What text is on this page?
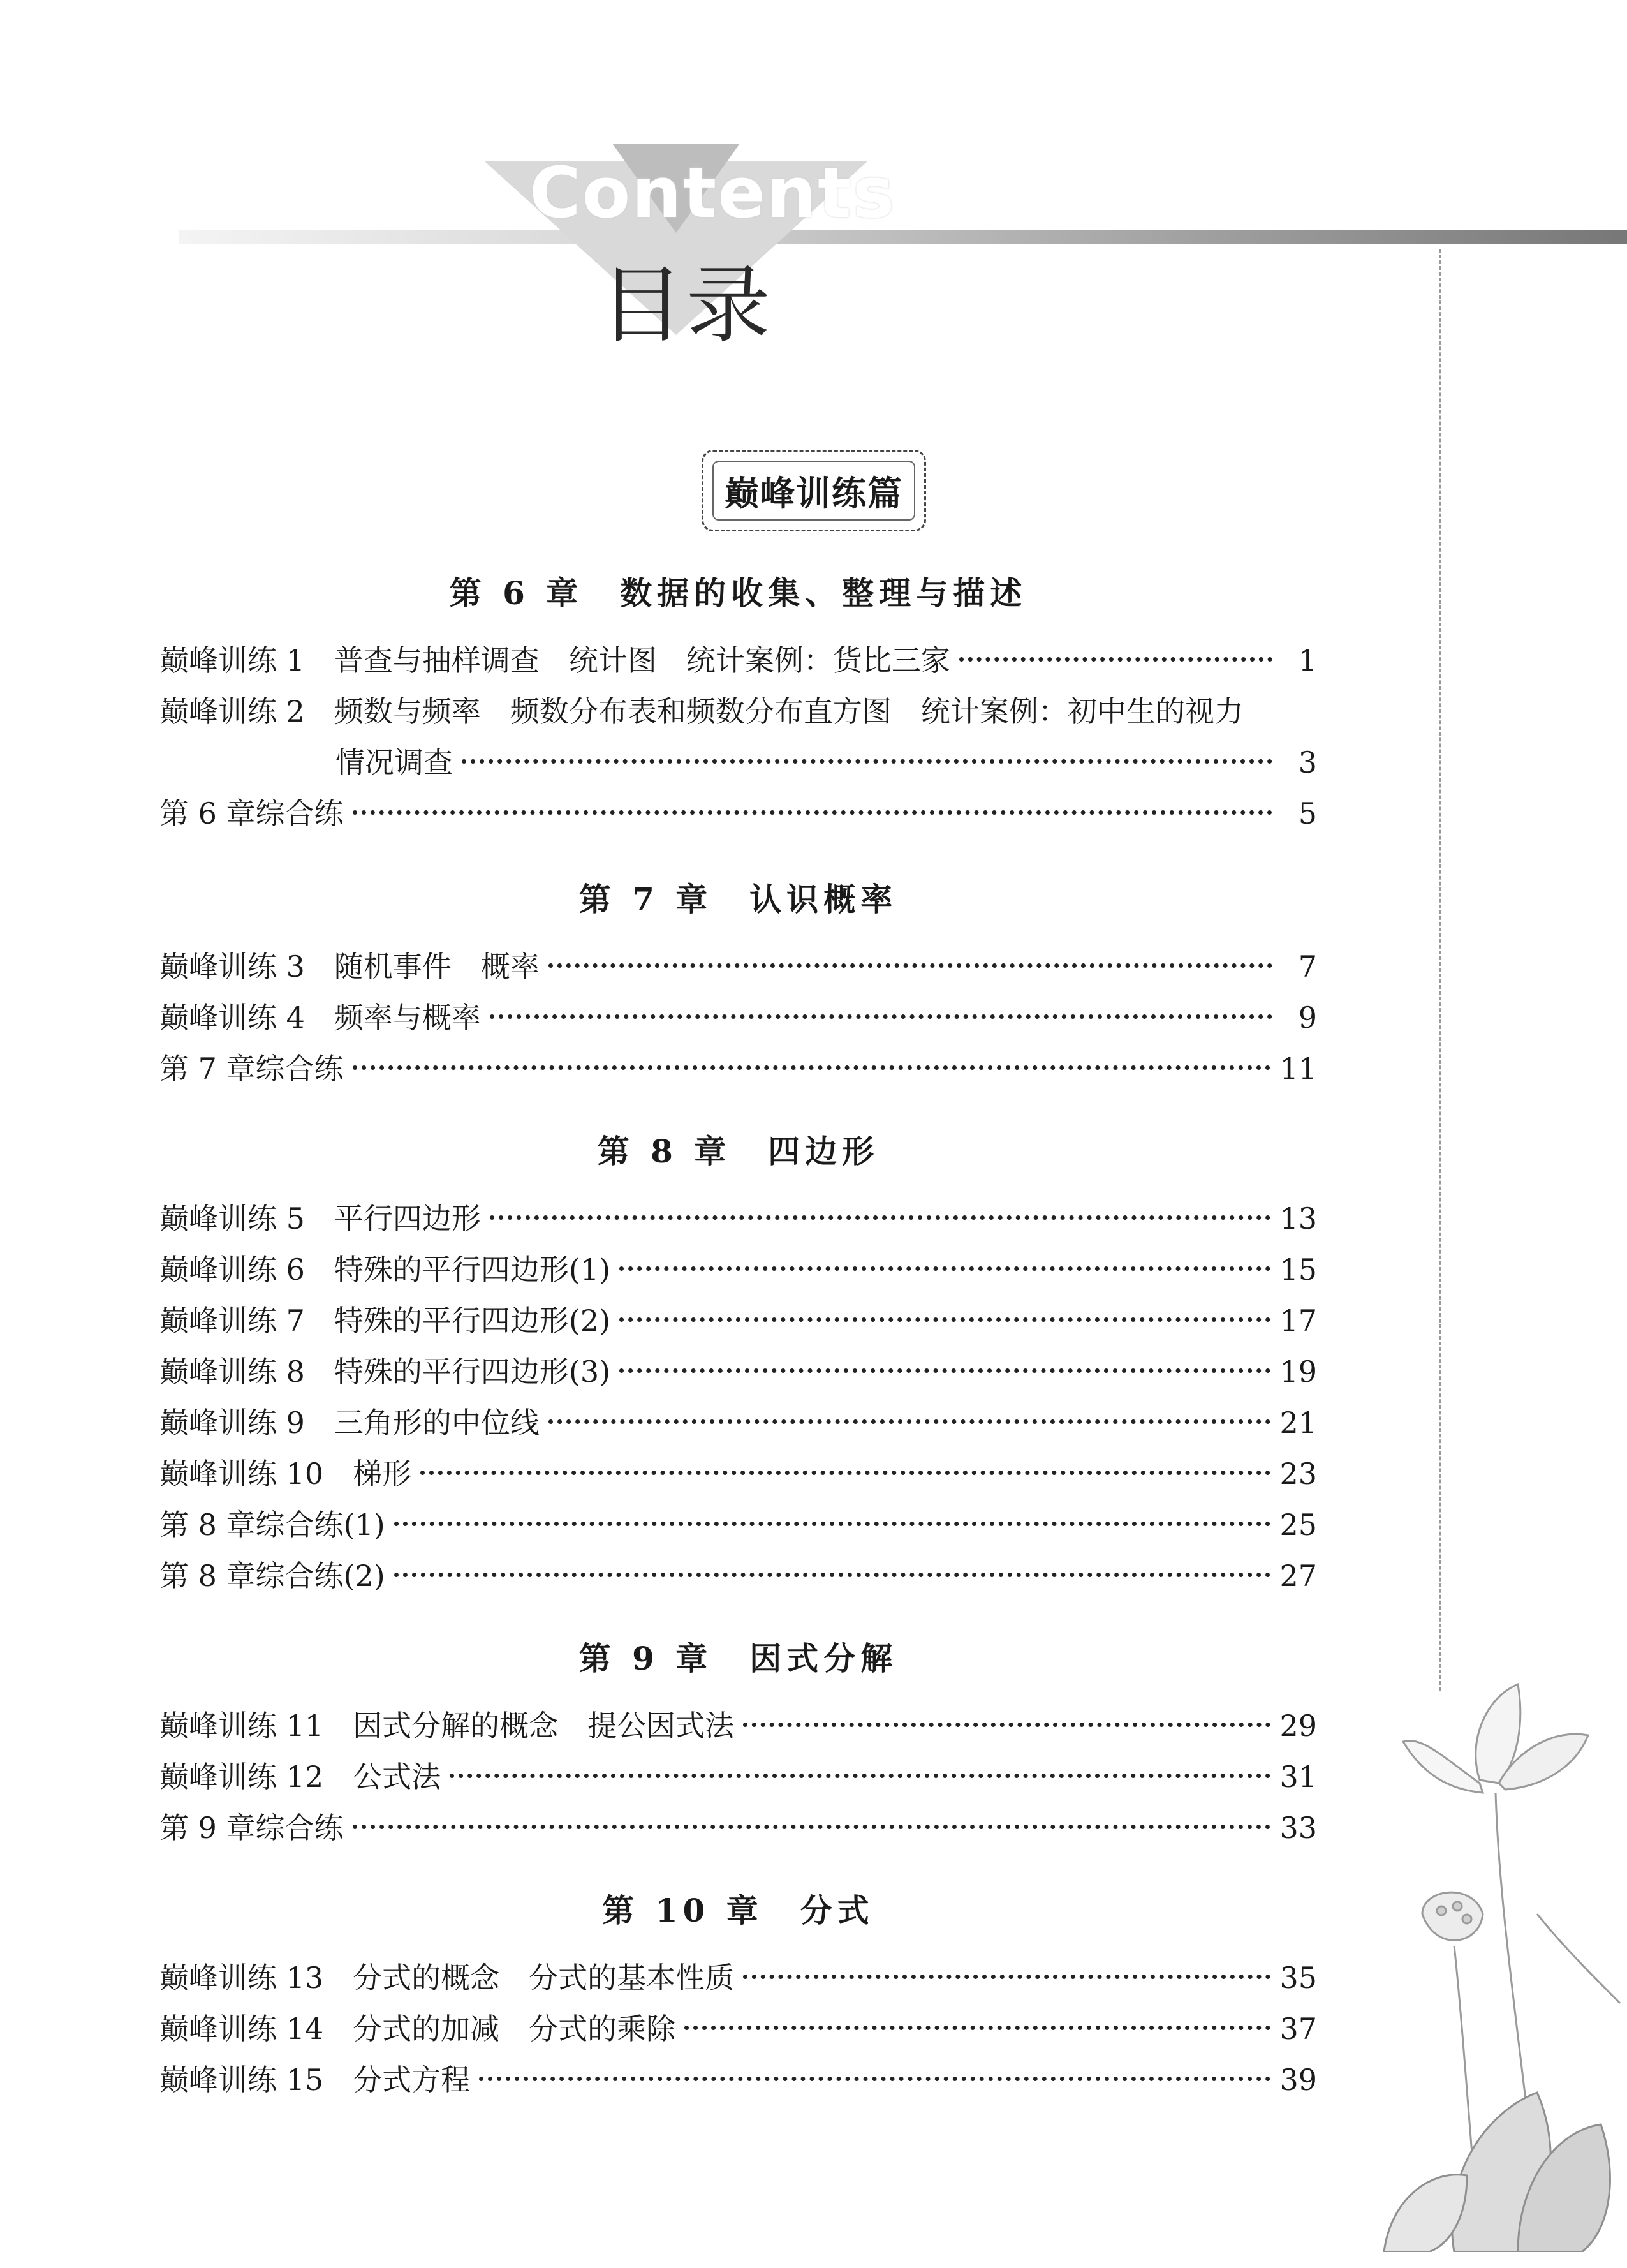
Contents
目录
巅峰训练篇
第 6 章　数据的收集、整理与描述
巅峰训练 1　普查与抽样调查　统计图　统计案例：货比三家	1
巅峰训练 2　频数与频率　频数分布表和频数分布直方图　统计案例：初中生的视力
　　　　　　情况调查	3
第 6 章综合练	5
第 7 章　认识概率
巅峰训练 3　随机事件　概率	7
巅峰训练 4　频率与概率	9
第 7 章综合练	11
第 8 章　四边形
巅峰训练 5　平行四边形	13
巅峰训练 6　特殊的平行四边形(1)	15
巅峰训练 7　特殊的平行四边形(2)	17
巅峰训练 8　特殊的平行四边形(3)	19
巅峰训练 9　三角形的中位线	21
巅峰训练 10　梯形	23
第 8 章综合练(1)	25
第 8 章综合练(2)	27
第 9 章　因式分解
巅峰训练 11　因式分解的概念　提公因式法	29
巅峰训练 12　公式法	31
第 9 章综合练	33
第 10 章　分式
巅峰训练 13　分式的概念　分式的基本性质	35
巅峰训练 14　分式的加减　分式的乘除	37
巅峰训练 15　分式方程	39
